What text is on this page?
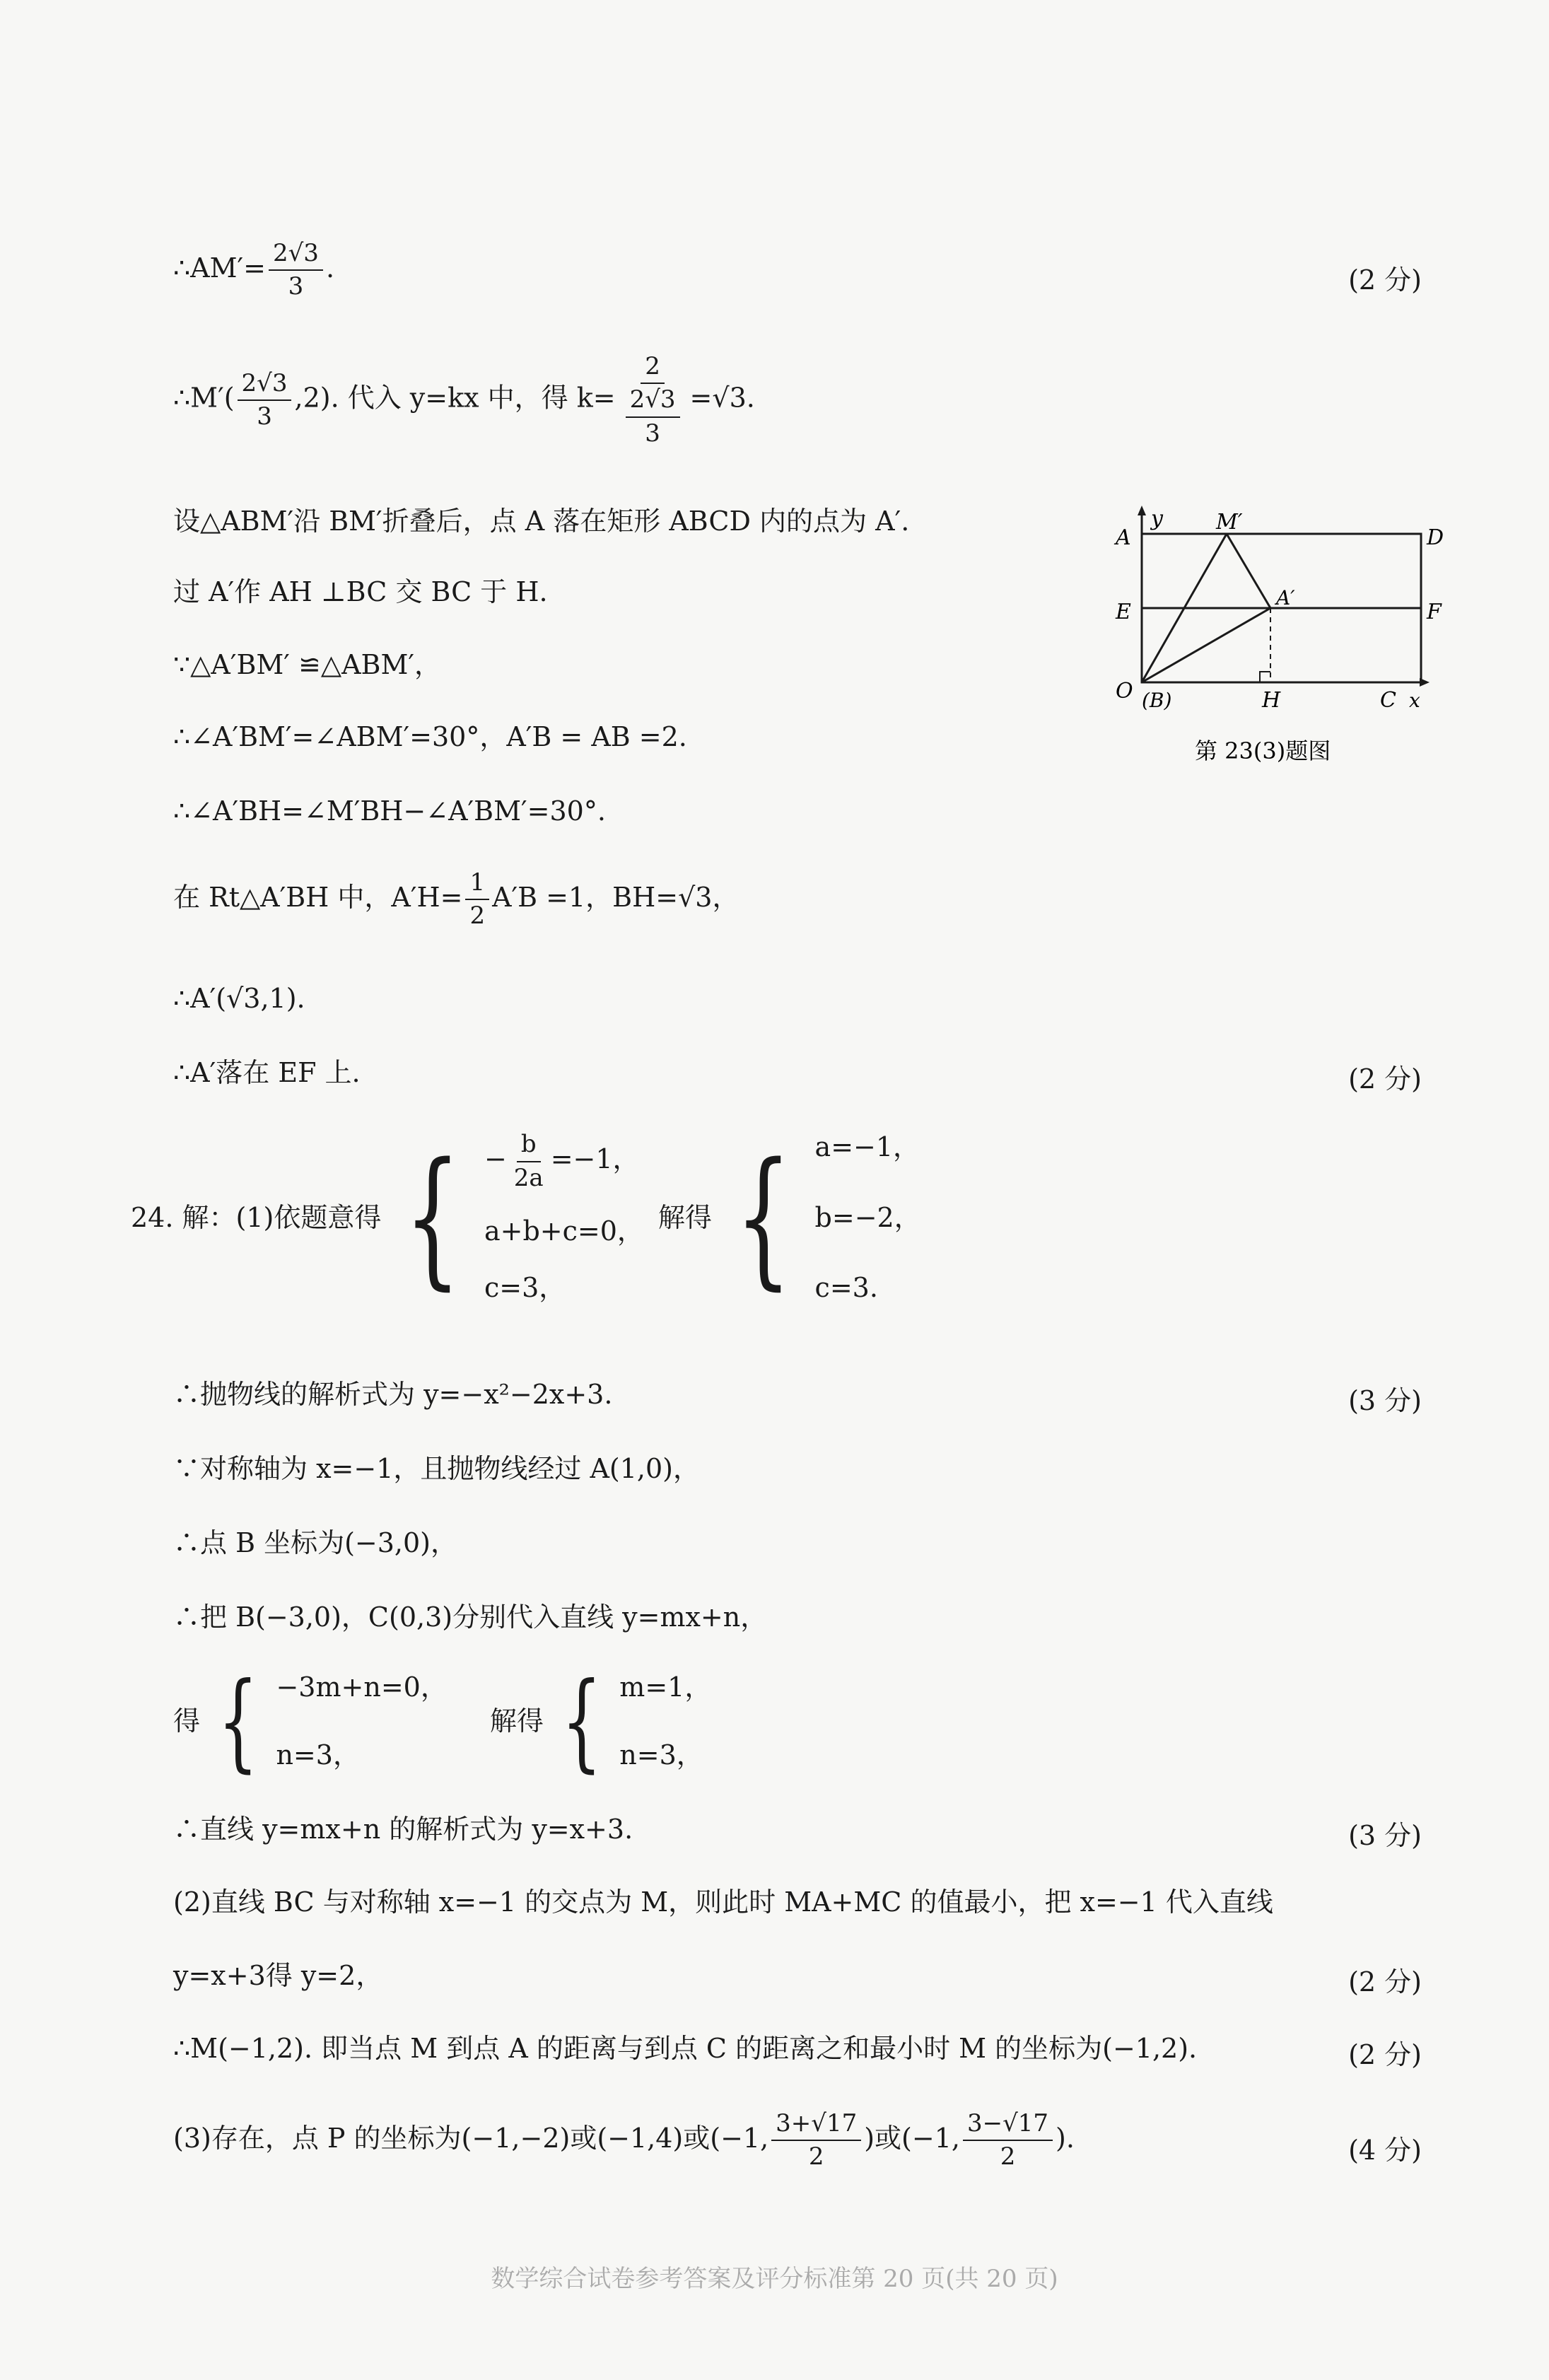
∴AM′= $\frac{2√3}{3}$ .	(2 分)
∴M′( $\frac{2√3}{3} ,2$). 代入 y=kx 中，得 $k= \frac{2}{\frac{2√3}{3}} =√3$.
设△ABM′沿 BM′折叠后，点 A 落在矩形 ABCD 内的点为 A′.
过 A′作 AH ⊥BC 交 BC 于 H.
∵△A′BM′ ≌△ABM′，
∴∠A′BM′=∠ABM′=30°，A′B = AB =2.
∴∠A′BH=∠M′BH−∠A′BM′=30°.
在 Rt△A′BH 中，$A'H= \frac{1}{2} A'B =1$，BH=√3，
∴A′(√3,1).
∴A′落在 EF 上.	(2 分)
A
y	M′
D
E
A′
F
O (B)	H	C x
第 23(3)题图
24. 解：(1)依题意得 { − $\frac{b}{2a} =-1$，
a+b+c=0，
c=3，
解得 { a=−1，
b=−2，
c=3.
∴抛物线的解析式为 y=−x²−2x+3.	(3 分)
∵对称轴为 x=−1，且抛物线经过 A(1,0)，
∴点 B 坐标为(−3,0)，
∴把 B(−3,0)，C(0,3)分别代入直线 y=mx+n，
得 { −3m+n=0，
n=3，
解得 { m=1，
n=3，
∴直线 y=mx+n 的解析式为 y=x+3.	(3 分)
(2)直线 BC 与对称轴 x=−1 的交点为 M，则此时 MA+MC 的值最小，把 x=−1 代入直线
y=x+3得 y=2，	(2 分)
∴M(−1,2). 即当点 M 到点 A 的距离与到点 C 的距离之和最小时 M 的坐标为(−1,2).	(2 分)
(3)存在，点 P 的坐标为(−1,−2)或(−1,4)或(−1, $\frac{3+√17}{2}$ )或(−1, $\frac{3-√17}{2}$ ).	(4 分)
数学综合试卷参考答案及评分标准第 20 页(共 20 页)
